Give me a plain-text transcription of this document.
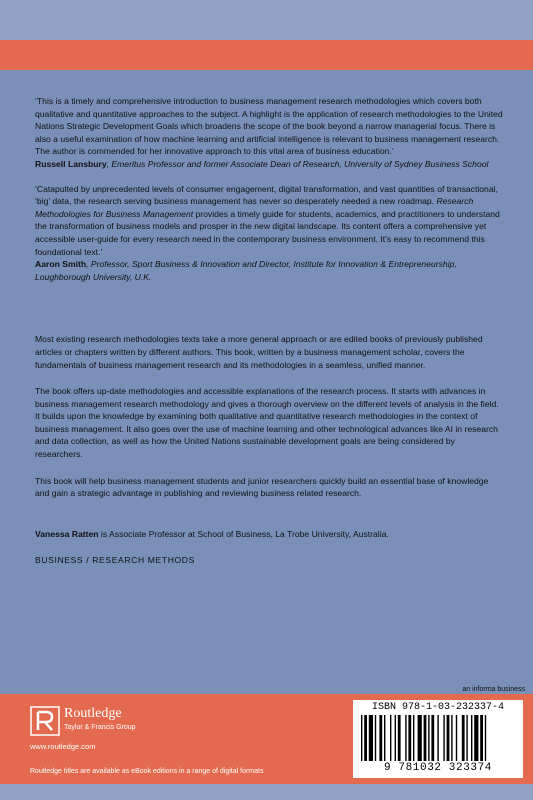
‘This is a timely and comprehensive introduction to business management research methodologies which covers both qualitative and quantitative approaches to the subject. A highlight is the application of research methodologies to the United Nations Strategic Development Goals which broadens the scope of the book beyond a narrow managerial focus. There is also a useful examination of how machine learning and artificial intelligence is relevant to business management research. The author is commended for her innovative approach to this vital area of business education.’
Russell Lansbury, Emeritus Professor and former Associate Dean of Research, University of Sydney Business School

‘Catapulted by unprecedented levels of consumer engagement, digital transformation, and vast quantities of transactional, ‘big’ data, the research serving business management has never so desperately needed a new roadmap. Research Methodologies for Business Management provides a timely guide for students, academics, and practitioners to understand the transformation of business models and prosper in the new digital landscape. Its content offers a comprehensive yet accessible user-guide for every research need in the contemporary business environment. It’s easy to recommend this foundational text.’
Aaron Smith, Professor, Sport Business & Innovation and Director, Institute for Innovation & Entrepreneurship, Loughborough University, U.K.

Most existing research methodologies texts take a more general approach or are edited books of previously published articles or chapters written by different authors. This book, written by a business management scholar, covers the fundamentals of business management research and its methodologies in a seamless, unified manner.

The book offers up-date methodologies and accessible explanations of the research process. It starts with advances in business management research methodology and gives a thorough overview on the different levels of analysis in the field. It builds upon the knowledge by examining both qualitative and quantitative research methodologies in the context of business management. It also goes over the use of machine learning and other technological advances like AI in research and data collection, as well as how the United Nations sustainable development goals are being considered by researchers.

This book will help business management students and junior researchers quickly build an essential base of knowledge and gain a strategic advantage in publishing and reviewing business related research.

Vanessa Ratten is Associate Professor at School of Business, La Trobe University, Australia.

BUSINESS / RESEARCH METHODS

an informa business
Routledge
Taylor & Francis Group
www.routledge.com
Routledge titles are available as eBook editions in a range of digital formats
ISBN 978-1-03-232337-4
9 781032 323374
